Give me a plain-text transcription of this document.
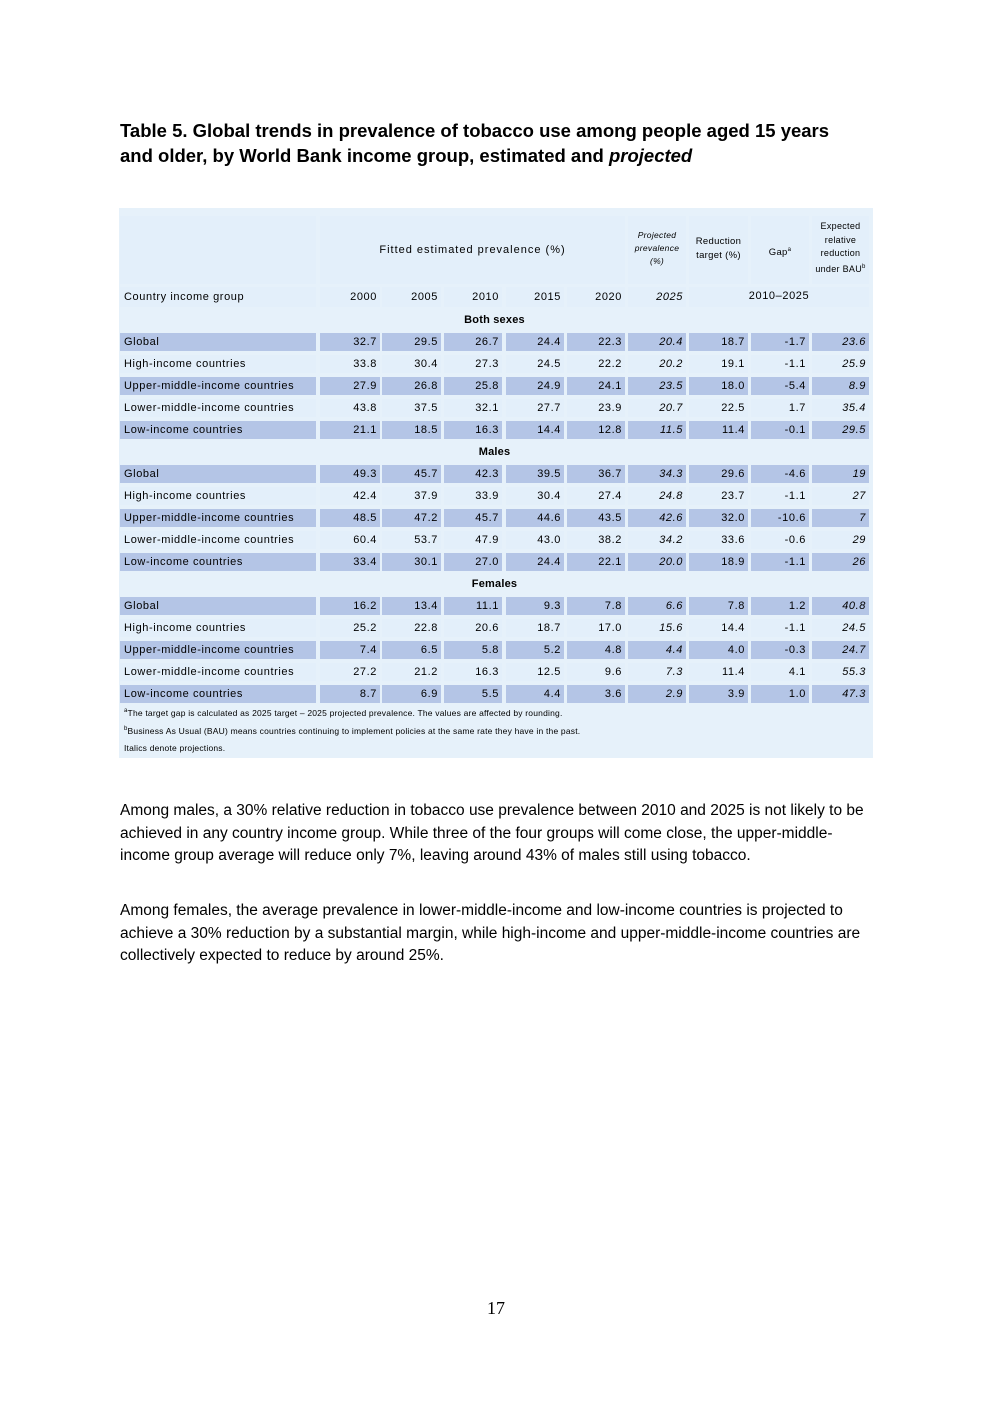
Table 5. Global trends in prevalence of tobacco use among people aged 15 years and older, by World Bank income group, estimated and projected
Fitted estimated prevalence (%)
Projected
prevalence
(%)
Reduction
target (%)	Gap$^a$
Expected
relative
reduction
under BAU$^b$
Country income group	2000	2005	2010	2015	2020	2025	2010–2025
Both sexes
Global	32.7	29.5	26.7	24.4	22.3	20.4	18.7	-1.7	23.6
High-income countries	33.8	30.4	27.3	24.5	22.2	20.2	19.1	-1.1	25.9
Upper-middle-income countries	27.9	26.8	25.8	24.9	24.1	23.5	18.0	-5.4	8.9
Lower-middle-income countries	43.8	37.5	32.1	27.7	23.9	20.7	22.5	1.7	35.4
Low-income countries	21.1	18.5	16.3	14.4	12.8	11.5	11.4	-0.1	29.5
Males
Global	49.3	45.7	42.3	39.5	36.7	34.3	29.6	-4.6	19
High-income countries	42.4	37.9	33.9	30.4	27.4	24.8	23.7	-1.1	27
Upper-middle-income countries	48.5	47.2	45.7	44.6	43.5	42.6	32.0	-10.6	7
Lower-middle-income countries	60.4	53.7	47.9	43.0	38.2	34.2	33.6	-0.6	29
Low-income countries	33.4	30.1	27.0	24.4	22.1	20.0	18.9	-1.1	26
Females
Global	16.2	13.4	11.1	9.3	7.8	6.6	7.8	1.2	40.8
High-income countries	25.2	22.8	20.6	18.7	17.0	15.6	14.4	-1.1	24.5
Upper-middle-income countries	7.4	6.5	5.8	5.2	4.8	4.4	4.0	-0.3	24.7
Lower-middle-income countries	27.2	21.2	16.3	12.5	9.6	7.3	11.4	4.1	55.3
Low-income countries	8.7	6.9	5.5	4.4	3.6	2.9	3.9	1.0	47.3
$^a$The target gap is calculated as 2025 target – 2025 projected prevalence. The values are affected by rounding.
$^b$Business As Usual (BAU) means countries continuing to implement policies at the same rate they have in the past.
Italics denote projections.

Among males, a 30% relative reduction in tobacco use prevalence between 2010 and 2025 is not likely to be achieved in any country income group. While three of the four groups will come close, the upper-middle-income group average will reduce only 7%, leaving around 43% of males still using tobacco.

Among females, the average prevalence in lower-middle-income and low-income countries is projected to achieve a 30% reduction by a substantial margin, while high-income and upper-middle-income countries are collectively expected to reduce by around 25%.

17
